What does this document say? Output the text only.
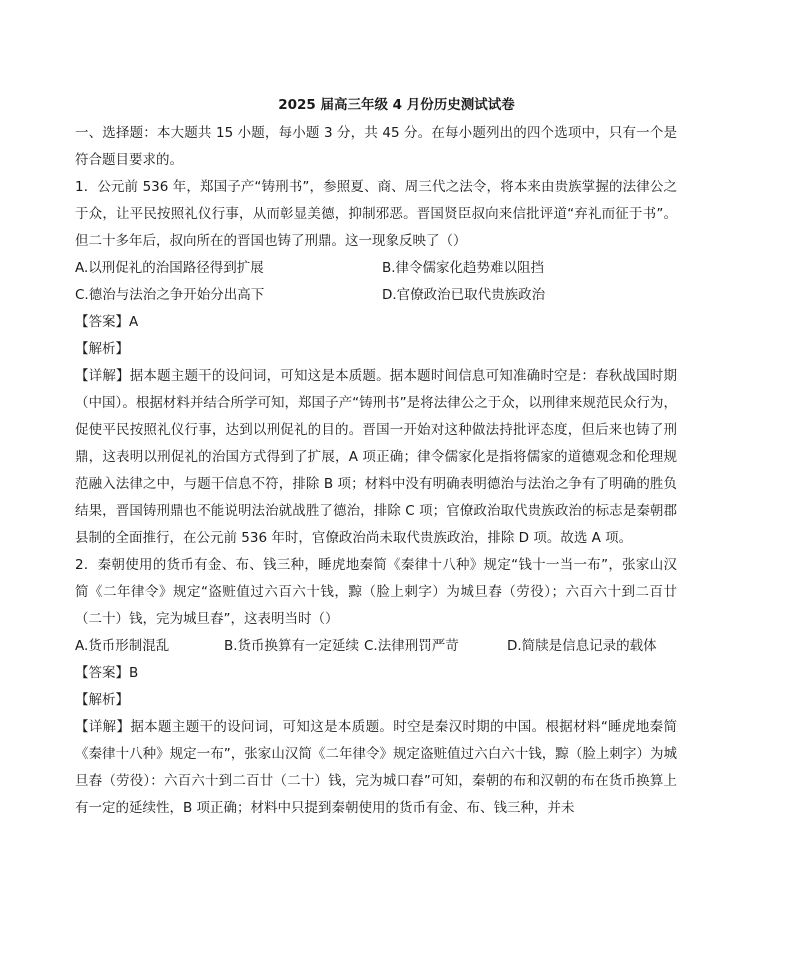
2025 届高三年级 4 月份历史测试试卷

一、选择题：本大题共 15 小题，每小题 3 分，共 45 分。在每小题列出的四个选项中，只有一个是符合题目要求的。

1．公元前 536 年，郑国子产“铸刑书”，参照夏、商、周三代之法令，将本来由贵族掌握的法律公之于众，让平民按照礼仪行事，从而彰显美德，抑制邪恶。晋国贤臣叔向来信批评道“弃礼而征于书”。但二十多年后，叔向所在的晋国也铸了刑鼎。这一现象反映了（）

A.以刑促礼的治国路径得到扩展	B.律令儒家化趋势难以阻挡
C.德治与法治之争开始分出高下	D.官僚政治已取代贵族政治

【答案】A

【解析】

【详解】据本题主题干的设问词，可知这是本质题。据本题时间信息可知准确时空是：春秋战国时期（中国）。根据材料并结合所学可知，郑国子产“铸刑书”是将法律公之于众，以刑律来规范民众行为，促使平民按照礼仪行事，达到以刑促礼的目的。晋国一开始对这种做法持批评态度，但后来也铸了刑鼎，这表明以刑促礼的治国方式得到了扩展，A 项正确；律令儒家化是指将儒家的道德观念和伦理规范融入法律之中，与题干信息不符，排除 B 项；材料中没有明确表明德治与法治之争有了明确的胜负结果，晋国铸刑鼎也不能说明法治就战胜了德治，排除 C 项；官僚政治取代贵族政治的标志是秦朝郡县制的全面推行，在公元前 536 年时，官僚政治尚未取代贵族政治，排除 D 项。故选 A 项。

2．秦朝使用的货币有金、布、钱三种，睡虎地秦简《秦律十八种》规定“钱十一当一布”，张家山汉简《二年律令》规定“盗赃值过六百六十钱，黥（脸上刺字）为城旦舂（劳役）；六百六十到二百廿（二十）钱，完为城旦舂”，这表明当时（）

A.货币形制混乱	B.货币换算有一定延续 C.法律刑罚严苛	D.简牍是信息记录的载体

【答案】B

【解析】

【详解】据本题主题干的设问词，可知这是本质题。时空是秦汉时期的中国。根据材料“睡虎地秦简《秦律十八种》规定一布”，张家山汉简《二年律令》规定盗赃值过六白六十钱，黥（脸上刺字）为城旦舂（劳役）：六百六十到二百廿（二十）钱，完为城口舂”可知，秦朝的布和汉朝的布在货币换算上有一定的延续性，B 项正确；材料中只提到秦朝使用的货币有金、布、钱三种，并未
